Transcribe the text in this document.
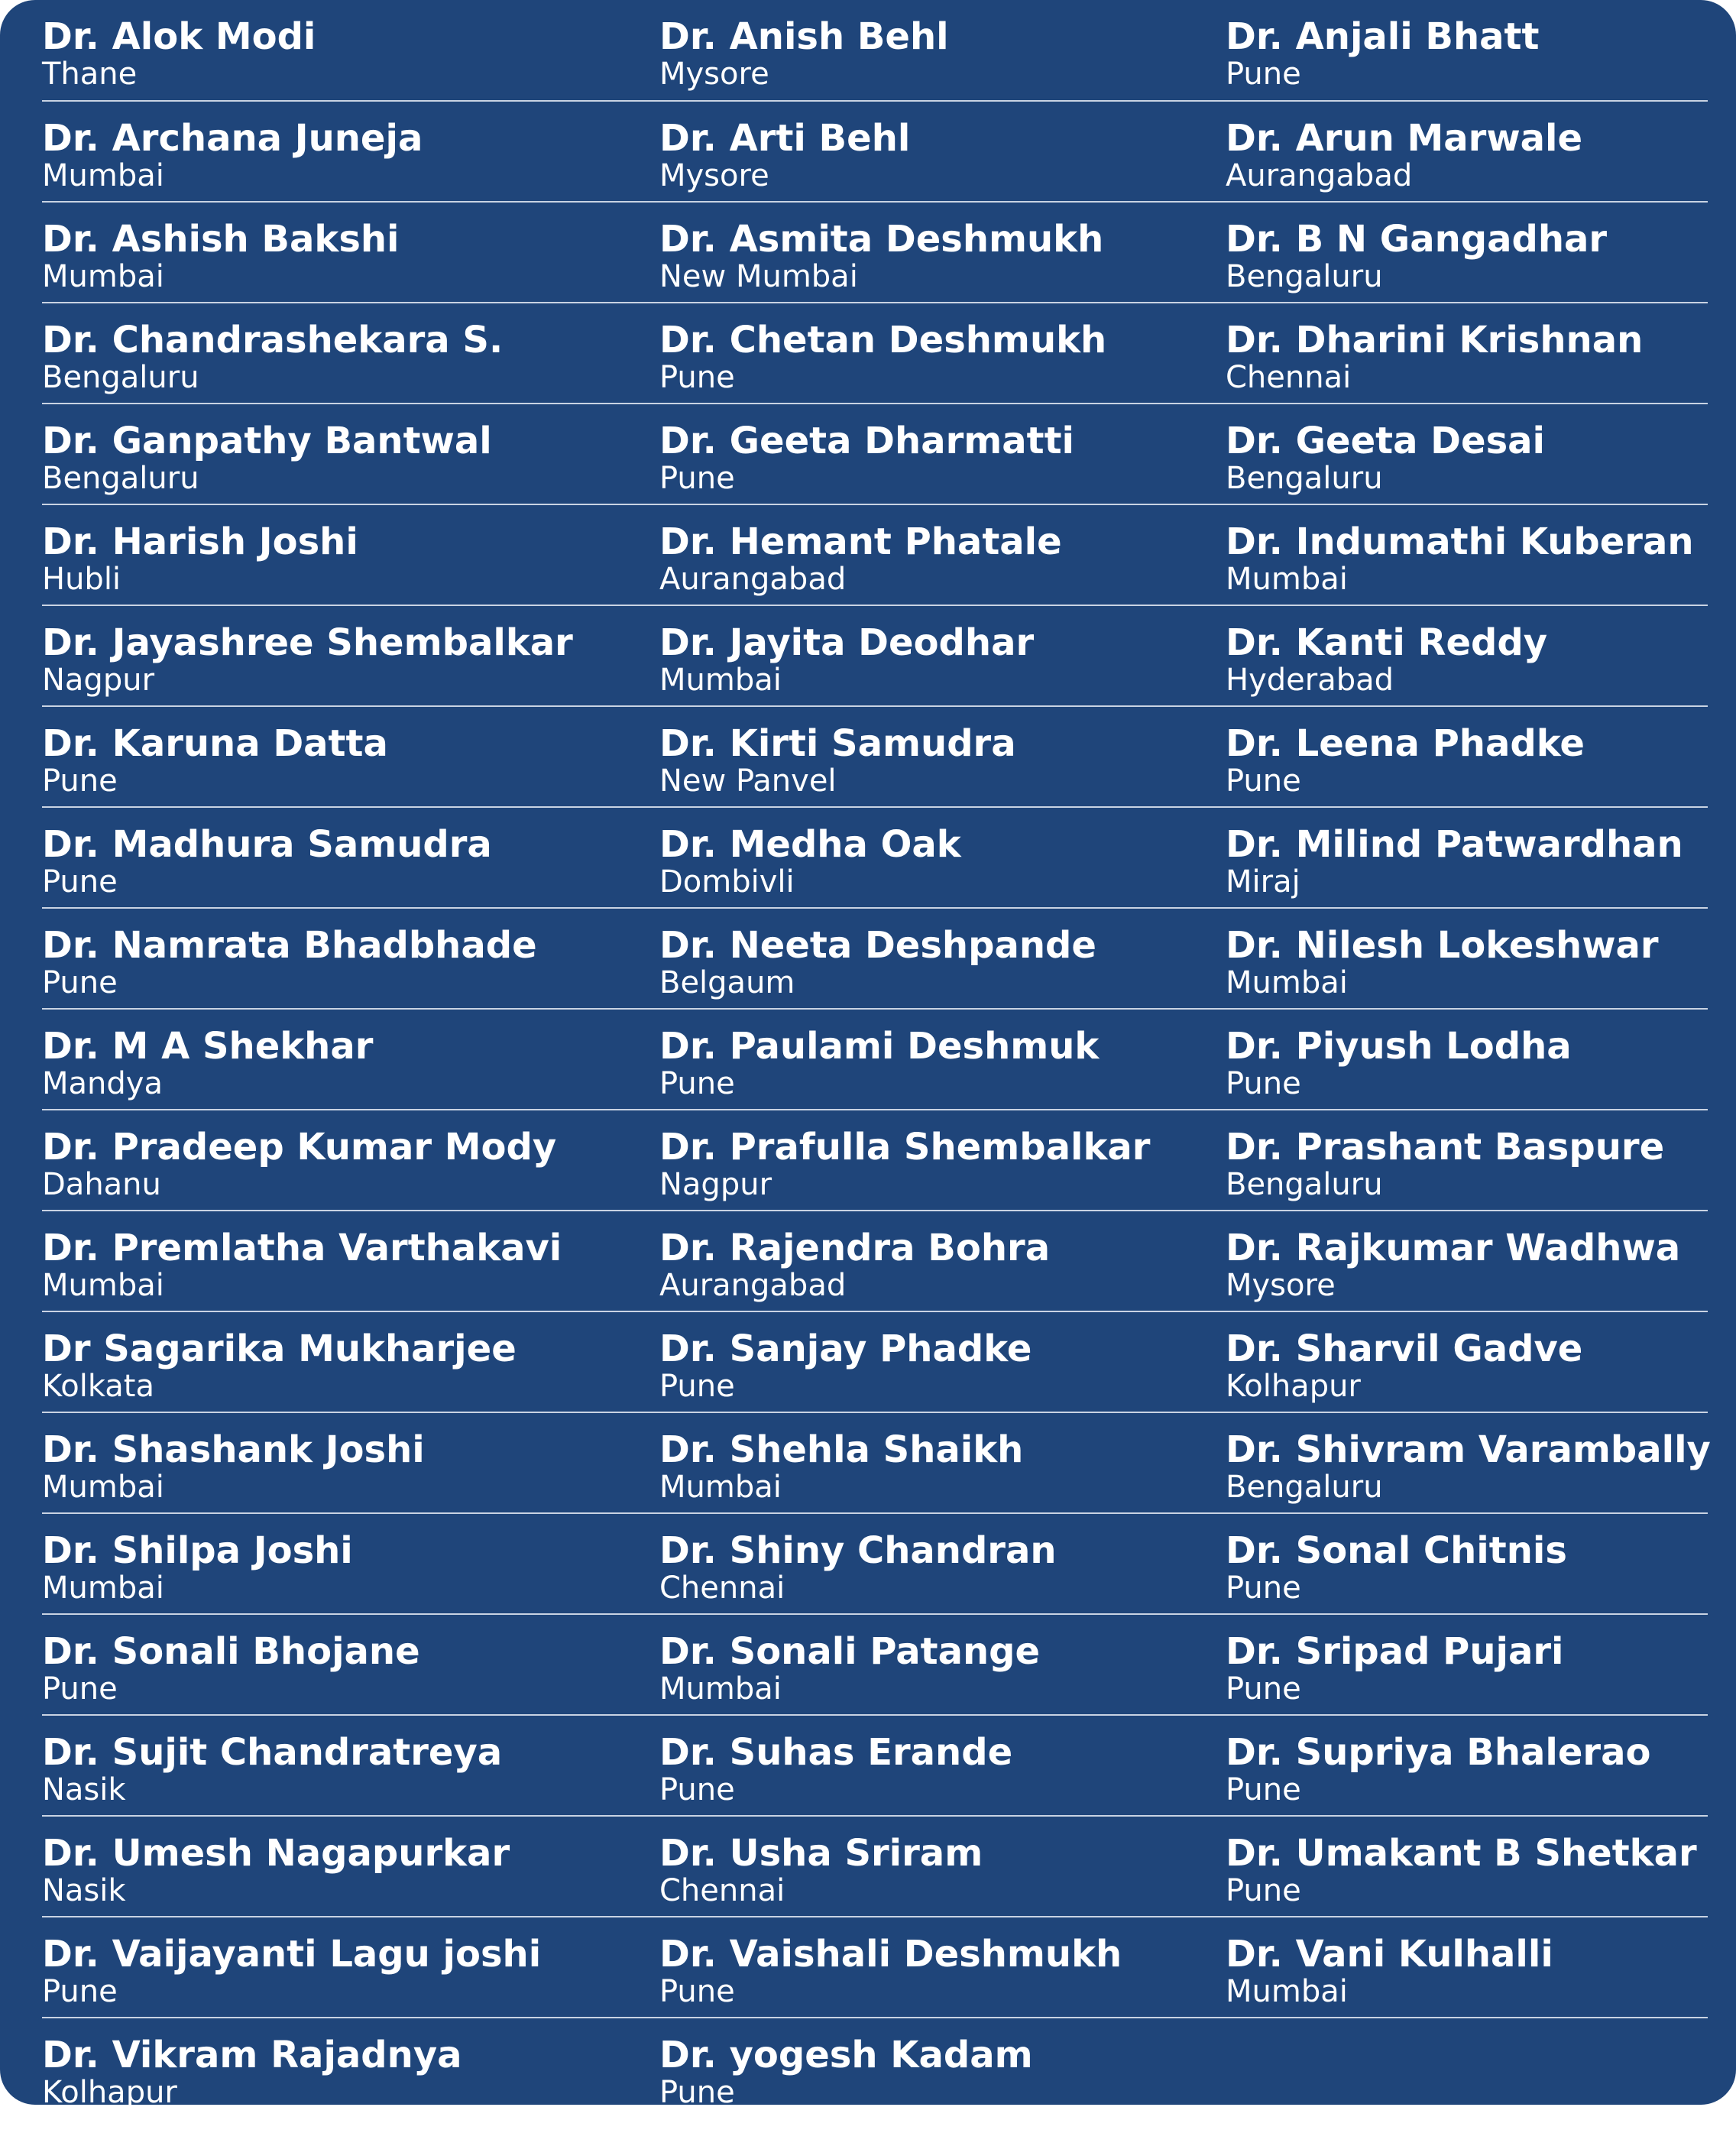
Dr. Alok Modi
Thane
Dr. Anish Behl
Mysore
Dr. Anjali Bhatt
Pune
Dr. Archana Juneja
Mumbai
Dr. Arti Behl
Mysore
Dr. Arun Marwale
Aurangabad
Dr. Ashish Bakshi
Mumbai
Dr. Asmita Deshmukh
New Mumbai
Dr. B N Gangadhar
Bengaluru
Dr. Chandrashekara S.
Bengaluru
Dr. Chetan Deshmukh
Pune
Dr. Dharini Krishnan
Chennai
Dr. Ganpathy Bantwal
Bengaluru
Dr. Geeta Dharmatti
Pune
Dr. Geeta Desai
Bengaluru
Dr. Harish Joshi
Hubli
Dr. Hemant Phatale
Aurangabad
Dr. Indumathi Kuberan
Mumbai
Dr. Jayashree Shembalkar
Nagpur
Dr. Jayita Deodhar
Mumbai
Dr. Kanti Reddy
Hyderabad
Dr. Karuna Datta
Pune
Dr. Kirti Samudra
New Panvel
Dr. Leena Phadke
Pune
Dr. Madhura Samudra
Pune
Dr. Medha Oak
Dombivli
Dr. Milind Patwardhan
Miraj
Dr. Namrata Bhadbhade
Pune
Dr. Neeta Deshpande
Belgaum
Dr. Nilesh Lokeshwar
Mumbai
Dr. M A Shekhar
Mandya
Dr. Paulami Deshmuk
Pune
Dr. Piyush Lodha
Pune
Dr. Pradeep Kumar Mody
Dahanu
Dr. Prafulla Shembalkar
Nagpur
Dr. Prashant Baspure
Bengaluru
Dr. Premlatha Varthakavi
Mumbai
Dr. Rajendra Bohra
Aurangabad
Dr. Rajkumar Wadhwa
Mysore
Dr Sagarika Mukharjee
Kolkata
Dr. Sanjay Phadke
Pune
Dr. Sharvil Gadve
Kolhapur
Dr. Shashank Joshi
Mumbai
Dr. Shehla Shaikh
Mumbai
Dr. Shivram Varambally
Bengaluru
Dr. Shilpa Joshi
Mumbai
Dr. Shiny Chandran
Chennai
Dr. Sonal Chitnis
Pune
Dr. Sonali Bhojane
Pune
Dr. Sonali Patange
Mumbai
Dr. Sripad Pujari
Pune
Dr. Sujit Chandratreya
Nasik
Dr. Suhas Erande
Pune
Dr. Supriya Bhalerao
Pune
Dr. Umesh Nagapurkar
Nasik
Dr. Usha Sriram
Chennai
Dr. Umakant B Shetkar
Pune
Dr. Vaijayanti Lagu joshi
Pune
Dr. Vaishali Deshmukh
Pune
Dr. Vani Kulhalli
Mumbai
Dr. Vikram Rajadnya
Kolhapur
Dr. yogesh Kadam
Pune
